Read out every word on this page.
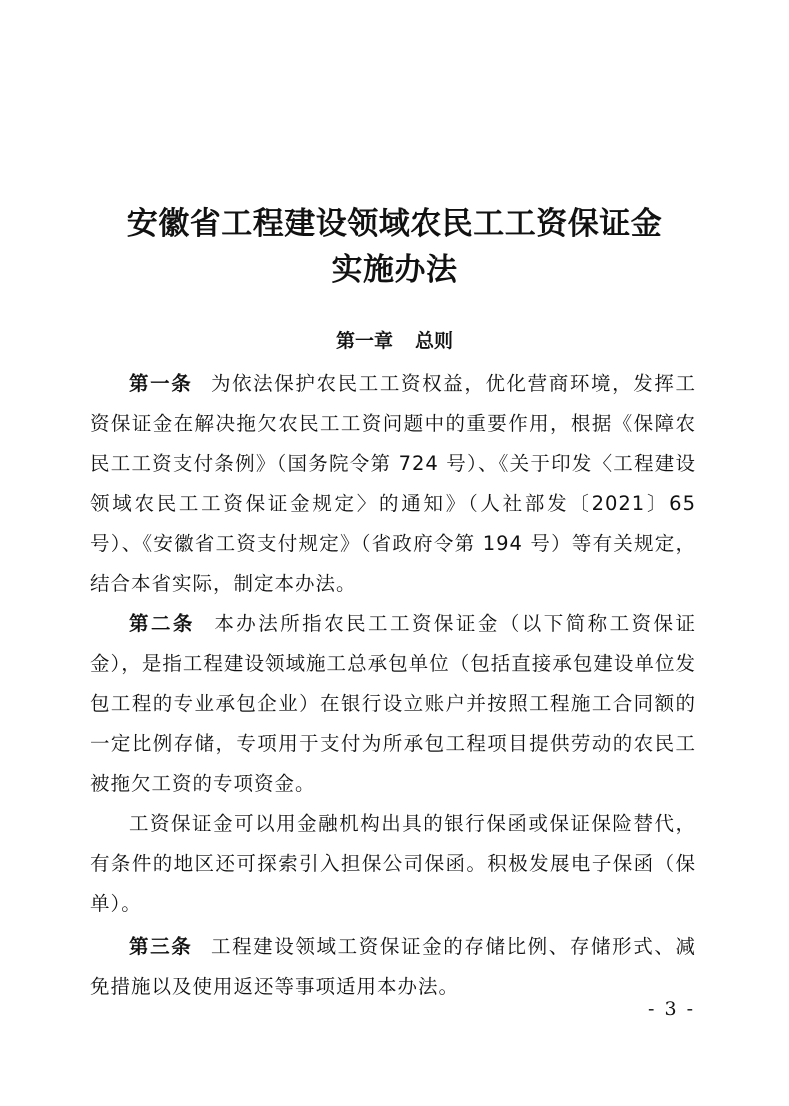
安徽省工程建设领域农民工工资保证金
实施办法
第一章 总则

第一条 为依法保护农民工工资权益，优化营商环境，发挥工资保证金在解决拖欠农民工工资问题中的重要作用，根据《保障农民工工资支付条例》（国务院令第 724 号）、《关于印发〈工程建设领域农民工工资保证金规定〉的通知》（人社部发〔2021〕65 号）、《安徽省工资支付规定》（省政府令第 194 号）等有关规定，结合本省实际，制定本办法。

第二条 本办法所指农民工工资保证金（以下简称工资保证金），是指工程建设领域施工总承包单位（包括直接承包建设单位发包工程的专业承包企业）在银行设立账户并按照工程施工合同额的一定比例存储，专项用于支付为所承包工程项目提供劳动的农民工被拖欠工资的专项资金。

工资保证金可以用金融机构出具的银行保函或保证保险替代，有条件的地区还可探索引入担保公司保函。积极发展电子保函（保单）。

第三条 工程建设领域工资保证金的存储比例、存储形式、减免措施以及使用返还等事项适用本办法。

- 3 -
